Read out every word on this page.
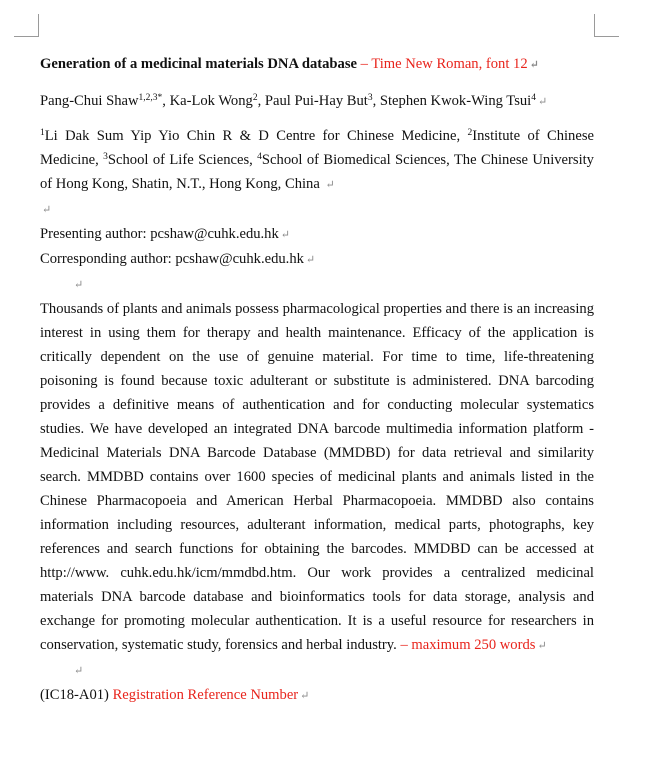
Generation of a medicinal materials DNA database – Time New Roman, font 12 ↵

Pang-Chui Shaw$^{1,2,3*}$, Ka-Lok Wong$^2$, Paul Pui-Hay But$^3$, Stephen Kwok-Wing Tsui$^4$ ↵

$^1$Li Dak Sum Yip Yio Chin R & D Centre for Chinese Medicine, $^2$Institute of Chinese Medicine, $^3$School of Life Sciences, $^4$School of Biomedical Sciences, The Chinese University of Hong Kong, Shatin, N.T., Hong Kong, China ↵

↵

Presenting author: pcshaw@cuhk.edu.hk ↵

Corresponding author: pcshaw@cuhk.edu.hk ↵

↵

Thousands of plants and animals possess pharmacological properties and there is an increasing interest in using them for therapy and health maintenance. Efficacy of the application is critically dependent on the use of genuine material. For time to time, life-threatening poisoning is found because toxic adulterant or substitute is administered. DNA barcoding provides a definitive means of authentication and for conducting molecular systematics studies. We have developed an integrated DNA barcode multimedia information platform - Medicinal Materials DNA Barcode Database (MMDBD) for data retrieval and similarity search. MMDBD contains over 1600 species of medicinal plants and animals listed in the Chinese Pharmacopoeia and American Herbal Pharmacopoeia. MMDBD also contains information including resources, adulterant information, medical parts, photographs, key references and search functions for obtaining the barcodes. MMDBD can be accessed at http://www. cuhk.edu.hk/icm/mmdbd.htm. Our work provides a centralized medicinal materials DNA barcode database and bioinformatics tools for data storage, analysis and exchange for promoting molecular authentication. It is a useful resource for researchers in conservation, systematic study, forensics and herbal industry. – maximum 250 words ↵

↵

(IC18-A01) Registration Reference Number ↵
